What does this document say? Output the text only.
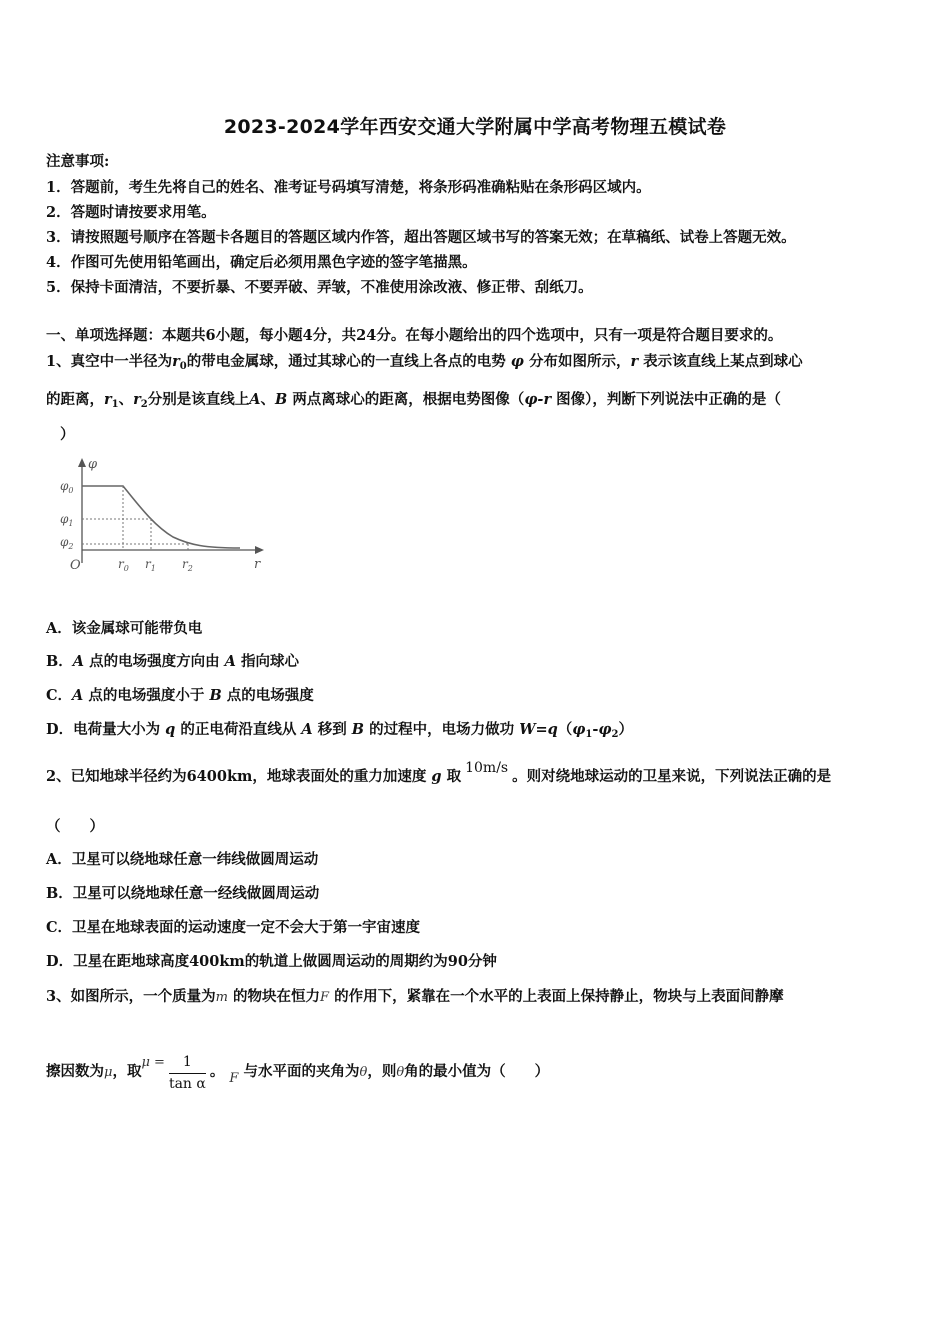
2023-2024学年西安交通大学附属中学高考物理五模试卷
注意事项:
1．答题前，考生先将自己的姓名、准考证号码填写清楚，将条形码准确粘贴在条形码区域内。
2．答题时请按要求用笔。
3．请按照题号顺序在答题卡各题目的答题区域内作答，超出答题区域书写的答案无效；在草稿纸、试卷上答题无效。
4．作图可先使用铅笔画出，确定后必须用黑色字迹的签字笔描黑。
5．保持卡面清洁，不要折暴、不要弄破、弄皱，不准使用涂改液、修正带、刮纸刀。
一、单项选择题：本题共6小题，每小题4分，共24分。在每小题给出的四个选项中，只有一项是符合题目要求的。
1、真空中一半径为$r_0$的带电金属球，通过其球心的一直线上各点的电势 φ 分布如图所示，r 表示该直线上某点到球心
的距离，$r_1$、$r_2$分别是该直线上A、B 两点离球心的距离，根据电势图像（φ-r 图像），判断下列说法中正确的是（
）
φ
$\varphi_0$
$\varphi_1$
$\varphi_2$
O	$r_0$ $r_1$ $r_2$	r
A．该金属球可能带负电
B．A 点的电场强度方向由 A 指向球心
C．A 点的电场强度小于 B 点的电场强度
D．电荷量大小为 q 的正电荷沿直线从 A 移到 B 的过程中，电场力做功 $W=q(\varphi_1-\varphi_2)$
2、已知地球半径约为6400km，地球表面处的重力加速度 g 取 10m/s 。则对绕地球运动的卫星来说，下列说法正确的是
（　　）
A．卫星可以绕地球任意一纬线做圆周运动
B．卫星可以绕地球任意一经线做圆周运动
C．卫星在地球表面的运动速度一定不会大于第一宇宙速度
D．卫星在距地球高度400km的轨道上做圆周运动的周期约为90分钟
3、如图所示，一个质量为m 的物块在恒力F 的作用下，紧靠在一个水平的上表面上保持静止，物块与上表面间静摩
擦因数为μ，取$\mu = \frac{1}{\text{tan α}}$ 。 F 与水平面的夹角为θ，则θ角的最小值为（　　）
